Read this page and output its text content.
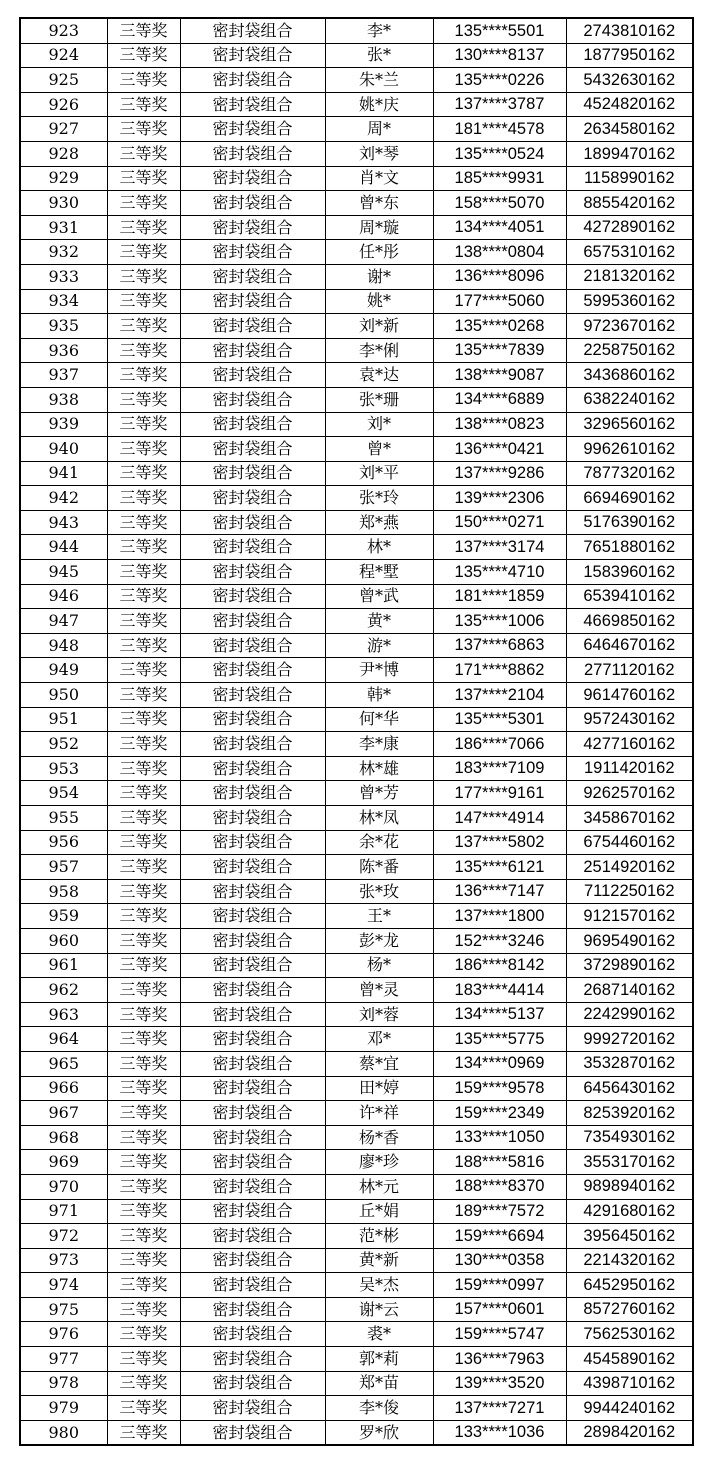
923	三等奖	密封袋组合	李*	135****5501	2743810162
924	三等奖	密封袋组合	张*	130****8137	1877950162
925	三等奖	密封袋组合	朱*兰	135****0226	5432630162
926	三等奖	密封袋组合	姚*庆	137****3787	4524820162
927	三等奖	密封袋组合	周*	181****4578	2634580162
928	三等奖	密封袋组合	刘*琴	135****0524	1899470162
929	三等奖	密封袋组合	肖*文	185****9931	1158990162
930	三等奖	密封袋组合	曾*东	158****5070	8855420162
931	三等奖	密封袋组合	周*璇	134****4051	4272890162
932	三等奖	密封袋组合	任*彤	138****0804	6575310162
933	三等奖	密封袋组合	谢*	136****8096	2181320162
934	三等奖	密封袋组合	姚*	177****5060	5995360162
935	三等奖	密封袋组合	刘*新	135****0268	9723670162
936	三等奖	密封袋组合	李*俐	135****7839	2258750162
937	三等奖	密封袋组合	袁*达	138****9087	3436860162
938	三等奖	密封袋组合	张*珊	134****6889	6382240162
939	三等奖	密封袋组合	刘*	138****0823	3296560162
940	三等奖	密封袋组合	曾*	136****0421	9962610162
941	三等奖	密封袋组合	刘*平	137****9286	7877320162
942	三等奖	密封袋组合	张*玲	139****2306	6694690162
943	三等奖	密封袋组合	郑*燕	150****0271	5176390162
944	三等奖	密封袋组合	林*	137****3174	7651880162
945	三等奖	密封袋组合	程*墅	135****4710	1583960162
946	三等奖	密封袋组合	曾*武	181****1859	6539410162
947	三等奖	密封袋组合	黄*	135****1006	4669850162
948	三等奖	密封袋组合	游*	137****6863	6464670162
949	三等奖	密封袋组合	尹*博	171****8862	2771120162
950	三等奖	密封袋组合	韩*	137****2104	9614760162
951	三等奖	密封袋组合	何*华	135****5301	9572430162
952	三等奖	密封袋组合	李*康	186****7066	4277160162
953	三等奖	密封袋组合	林*雄	183****7109	1911420162
954	三等奖	密封袋组合	曾*芳	177****9161	9262570162
955	三等奖	密封袋组合	林*凤	147****4914	3458670162
956	三等奖	密封袋组合	余*花	137****5802	6754460162
957	三等奖	密封袋组合	陈*番	135****6121	2514920162
958	三等奖	密封袋组合	张*玫	136****7147	7112250162
959	三等奖	密封袋组合	王*	137****1800	9121570162
960	三等奖	密封袋组合	彭*龙	152****3246	9695490162
961	三等奖	密封袋组合	杨*	186****8142	3729890162
962	三等奖	密封袋组合	曾*灵	183****4414	2687140162
963	三等奖	密封袋组合	刘*蓉	134****5137	2242990162
964	三等奖	密封袋组合	邓*	135****5775	9992720162
965	三等奖	密封袋组合	蔡*宜	134****0969	3532870162
966	三等奖	密封袋组合	田*婷	159****9578	6456430162
967	三等奖	密封袋组合	许*祥	159****2349	8253920162
968	三等奖	密封袋组合	杨*香	133****1050	7354930162
969	三等奖	密封袋组合	廖*珍	188****5816	3553170162
970	三等奖	密封袋组合	林*元	188****8370	9898940162
971	三等奖	密封袋组合	丘*娟	189****7572	4291680162
972	三等奖	密封袋组合	范*彬	159****6694	3956450162
973	三等奖	密封袋组合	黄*新	130****0358	2214320162
974	三等奖	密封袋组合	吴*杰	159****0997	6452950162
975	三等奖	密封袋组合	谢*云	157****0601	8572760162
976	三等奖	密封袋组合	裘*	159****5747	7562530162
977	三等奖	密封袋组合	郭*莉	136****7963	4545890162
978	三等奖	密封袋组合	郑*苗	139****3520	4398710162
979	三等奖	密封袋组合	李*俊	137****7271	9944240162
980	三等奖	密封袋组合	罗*欣	133****1036	2898420162
